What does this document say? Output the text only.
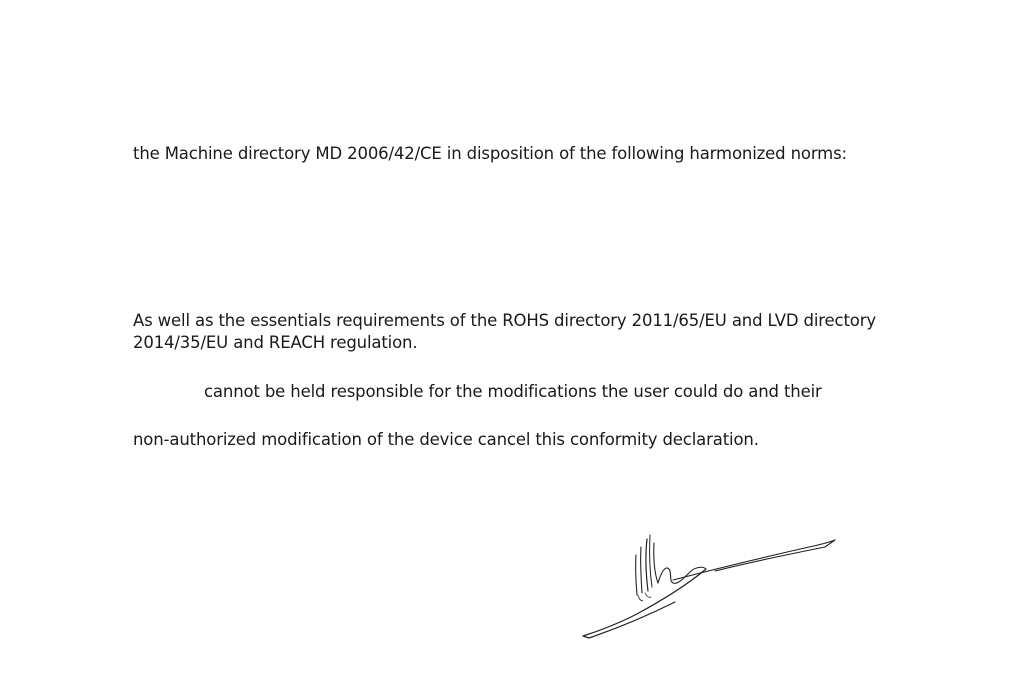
the Machine directory MD 2006/42/CE in disposition of the following harmonized norms:

As well as the essentials requirements of the ROHS directory 2011/65/EU and LVD directory
2014/35/EU and REACH regulation.

cannot be held responsible for the modifications the user could do and their

non-authorized modification of the device cancel this conformity declaration.
